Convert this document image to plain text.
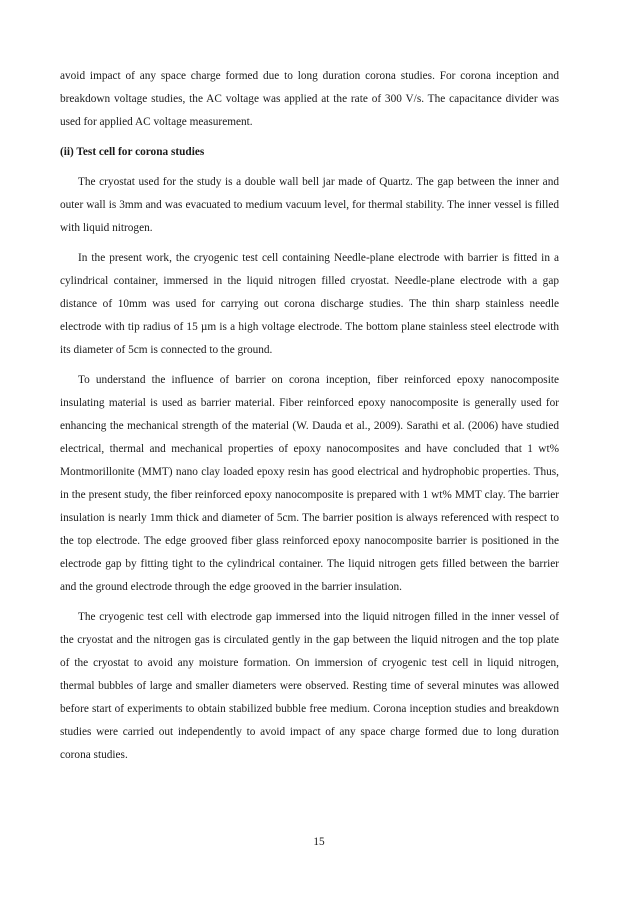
avoid impact of any space charge formed due to long duration corona studies. For corona inception and breakdown voltage studies, the AC voltage was applied at the rate of 300 V/s. The capacitance divider was used for applied AC voltage measurement.

(ii) Test cell for corona studies

The cryostat used for the study is a double wall bell jar made of Quartz. The gap between the inner and outer wall is 3mm and was evacuated to medium vacuum level, for thermal stability. The inner vessel is filled with liquid nitrogen.

In the present work, the cryogenic test cell containing Needle-plane electrode with barrier is fitted in a cylindrical container, immersed in the liquid nitrogen filled cryostat. Needle-plane electrode with a gap distance of 10mm was used for carrying out corona discharge studies. The thin sharp stainless needle electrode with tip radius of 15 µm is a high voltage electrode. The bottom plane stainless steel electrode with its diameter of 5cm is connected to the ground.

To understand the influence of barrier on corona inception, fiber reinforced epoxy nanocomposite insulating material is used as barrier material. Fiber reinforced epoxy nanocomposite is generally used for enhancing the mechanical strength of the material (W. Dauda et al., 2009). Sarathi et al. (2006) have studied electrical, thermal and mechanical properties of epoxy nanocomposites and have concluded that 1 wt% Montmorillonite (MMT) nano clay loaded epoxy resin has good electrical and hydrophobic properties. Thus, in the present study, the fiber reinforced epoxy nanocomposite is prepared with 1 wt% MMT clay. The barrier insulation is nearly 1mm thick and diameter of 5cm. The barrier position is always referenced with respect to the top electrode. The edge grooved fiber glass reinforced epoxy nanocomposite barrier is positioned in the electrode gap by fitting tight to the cylindrical container. The liquid nitrogen gets filled between the barrier and the ground electrode through the edge grooved in the barrier insulation.

The cryogenic test cell with electrode gap immersed into the liquid nitrogen filled in the inner vessel of the cryostat and the nitrogen gas is circulated gently in the gap between the liquid nitrogen and the top plate of the cryostat to avoid any moisture formation. On immersion of cryogenic test cell in liquid nitrogen, thermal bubbles of large and smaller diameters were observed. Resting time of several minutes was allowed before start of experiments to obtain stabilized bubble free medium. Corona inception studies and breakdown studies were carried out independently to avoid impact of any space charge formed due to long duration corona studies.

15
